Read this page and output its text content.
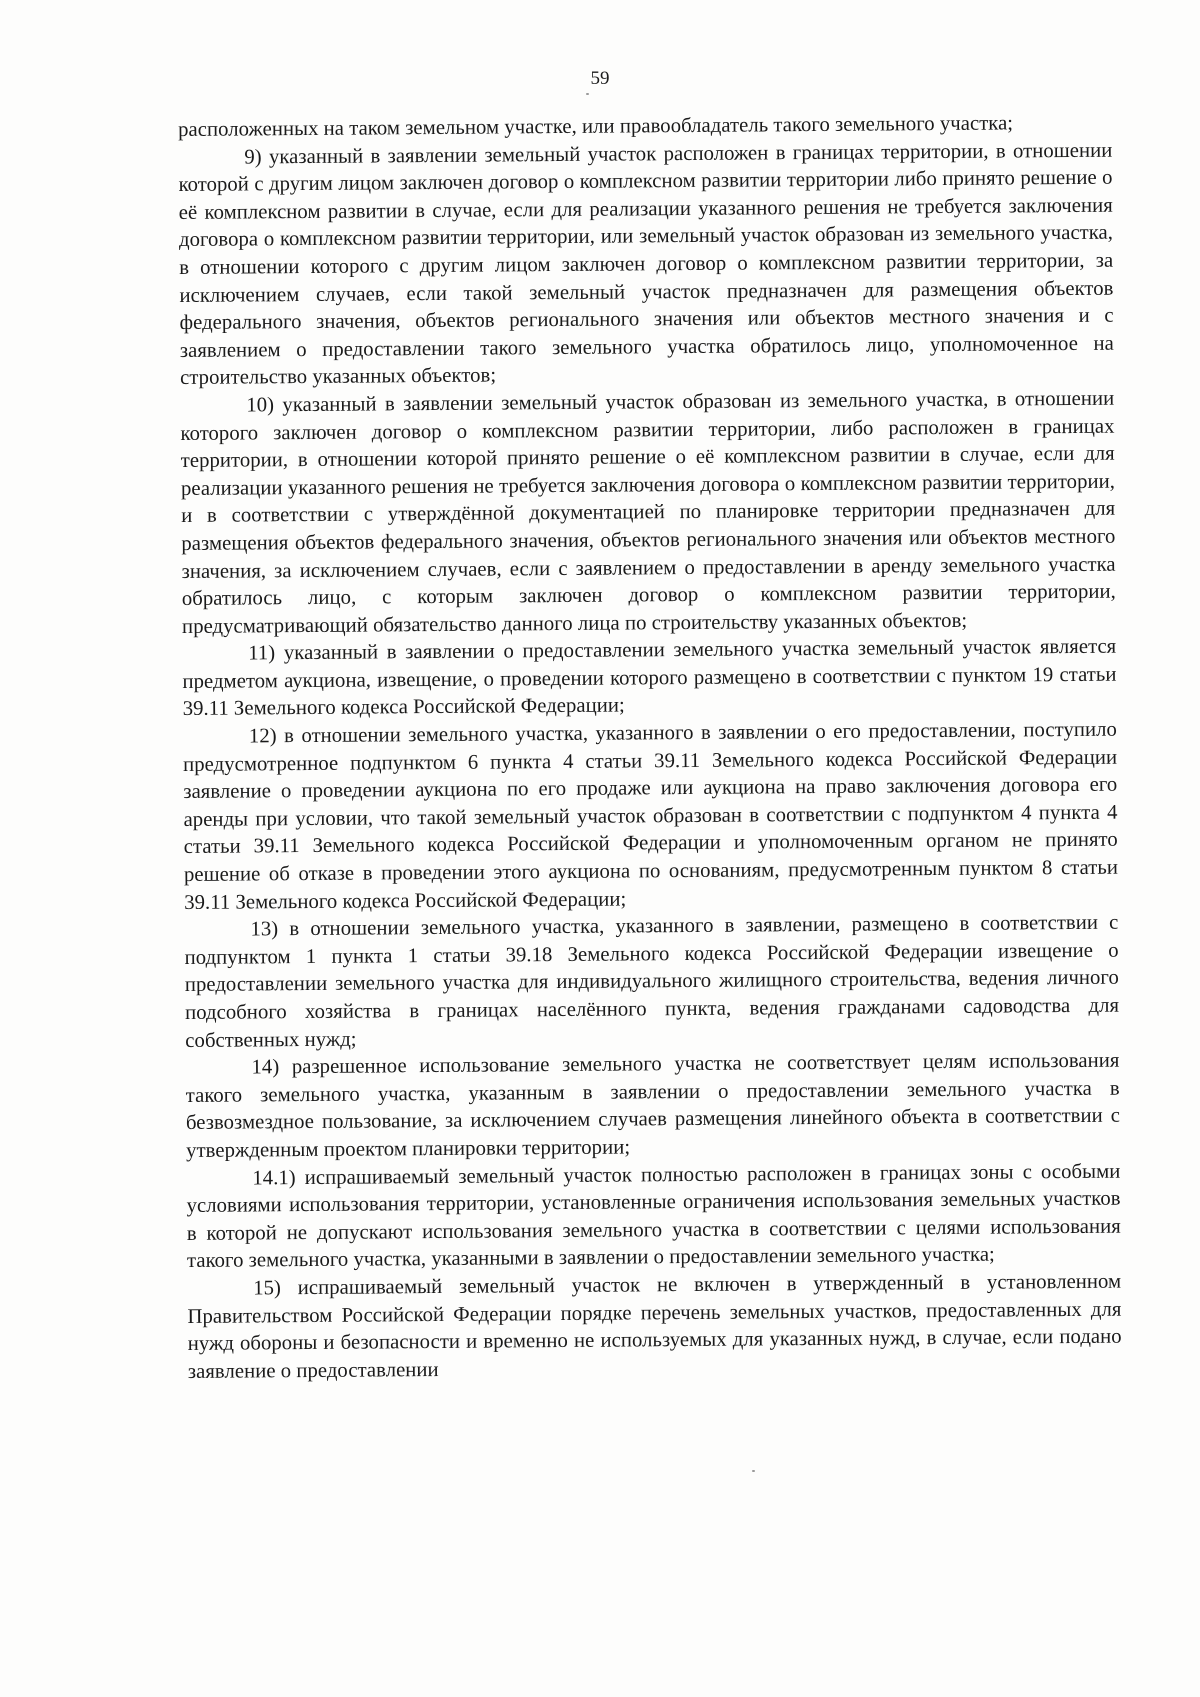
59

расположенных на таком земельном участке, или правообладатель такого земельного участка;

9) указанный в заявлении земельный участок расположен в границах территории, в отношении которой с другим лицом заключен договор о комплексном развитии территории либо принято решение о её комплексном развитии в случае, если для реализации указанного решения не требуется заключения договора о комплексном развитии территории, или земельный участок образован из земельного участка, в отношении которого с другим лицом заключен договор о комплексном развитии территории, за исключением случаев, если такой земельный участок предназначен для размещения объектов федерального значения, объектов регионального значения или объектов местного значения и с заявлением о предоставлении такого земельного участка обратилось лицо, уполномоченное на строительство указанных объектов;

10) указанный в заявлении земельный участок образован из земельного участка, в отношении которого заключен договор о комплексном развитии территории, либо расположен в границах территории, в отношении которой принято решение о её комплексном развитии в случае, если для реализации указанного решения не требуется заключения договора о комплексном развитии территории, и в соответствии с утверждённой документацией по планировке территории предназначен для размещения объектов федерального значения, объектов регионального значения или объектов местного значения, за исключением случаев, если с заявлением о предоставлении в аренду земельного участка обратилось лицо, с которым заключен договор о комплексном развитии территории, предусматривающий обязательство данного лица по строительству указанных объектов;

11) указанный в заявлении о предоставлении земельного участка земельный участок является предметом аукциона, извещение, о проведении которого размещено в соответствии с пунктом 19 статьи 39.11 Земельного кодекса Российской Федерации;

12) в отношении земельного участка, указанного в заявлении о его предоставлении, поступило предусмотренное подпунктом 6 пункта 4 статьи 39.11 Земельного кодекса Российской Федерации заявление о проведении аукциона по его продаже или аукциона на право заключения договора его аренды при условии, что такой земельный участок образован в соответствии с подпунктом 4 пункта 4 статьи 39.11 Земельного кодекса Российской Федерации и уполномоченным органом не принято решение об отказе в проведении этого аукциона по основаниям, предусмотренным пунктом 8 статьи 39.11 Земельного кодекса Российской Федерации;

13) в отношении земельного участка, указанного в заявлении, размещено в соответствии с подпунктом 1 пункта 1 статьи 39.18 Земельного кодекса Российской Федерации извещение о предоставлении земельного участка для индивидуального жилищного строительства, ведения личного подсобного хозяйства в границах населённого пункта, ведения гражданами садоводства для собственных нужд;

14) разрешенное использование земельного участка не соответствует целям использования такого земельного участка, указанным в заявлении о предоставлении земельного участка в безвозмездное пользование, за исключением случаев размещения линейного объекта в соответствии с утвержденным проектом планировки территории;

14.1) испрашиваемый земельный участок полностью расположен в границах зоны с особыми условиями использования территории, установленные ограничения использования земельных участков в которой не допускают использования земельного участка в соответствии с целями использования такого земельного участка, указанными в заявлении о предоставлении земельного участка;

15) испрашиваемый земельный участок не включен в утвержденный в установленном Правительством Российской Федерации порядке перечень земельных участков, предоставленных для нужд обороны и безопасности и временно не используемых для указанных нужд, в случае, если подано заявление о предоставлении
